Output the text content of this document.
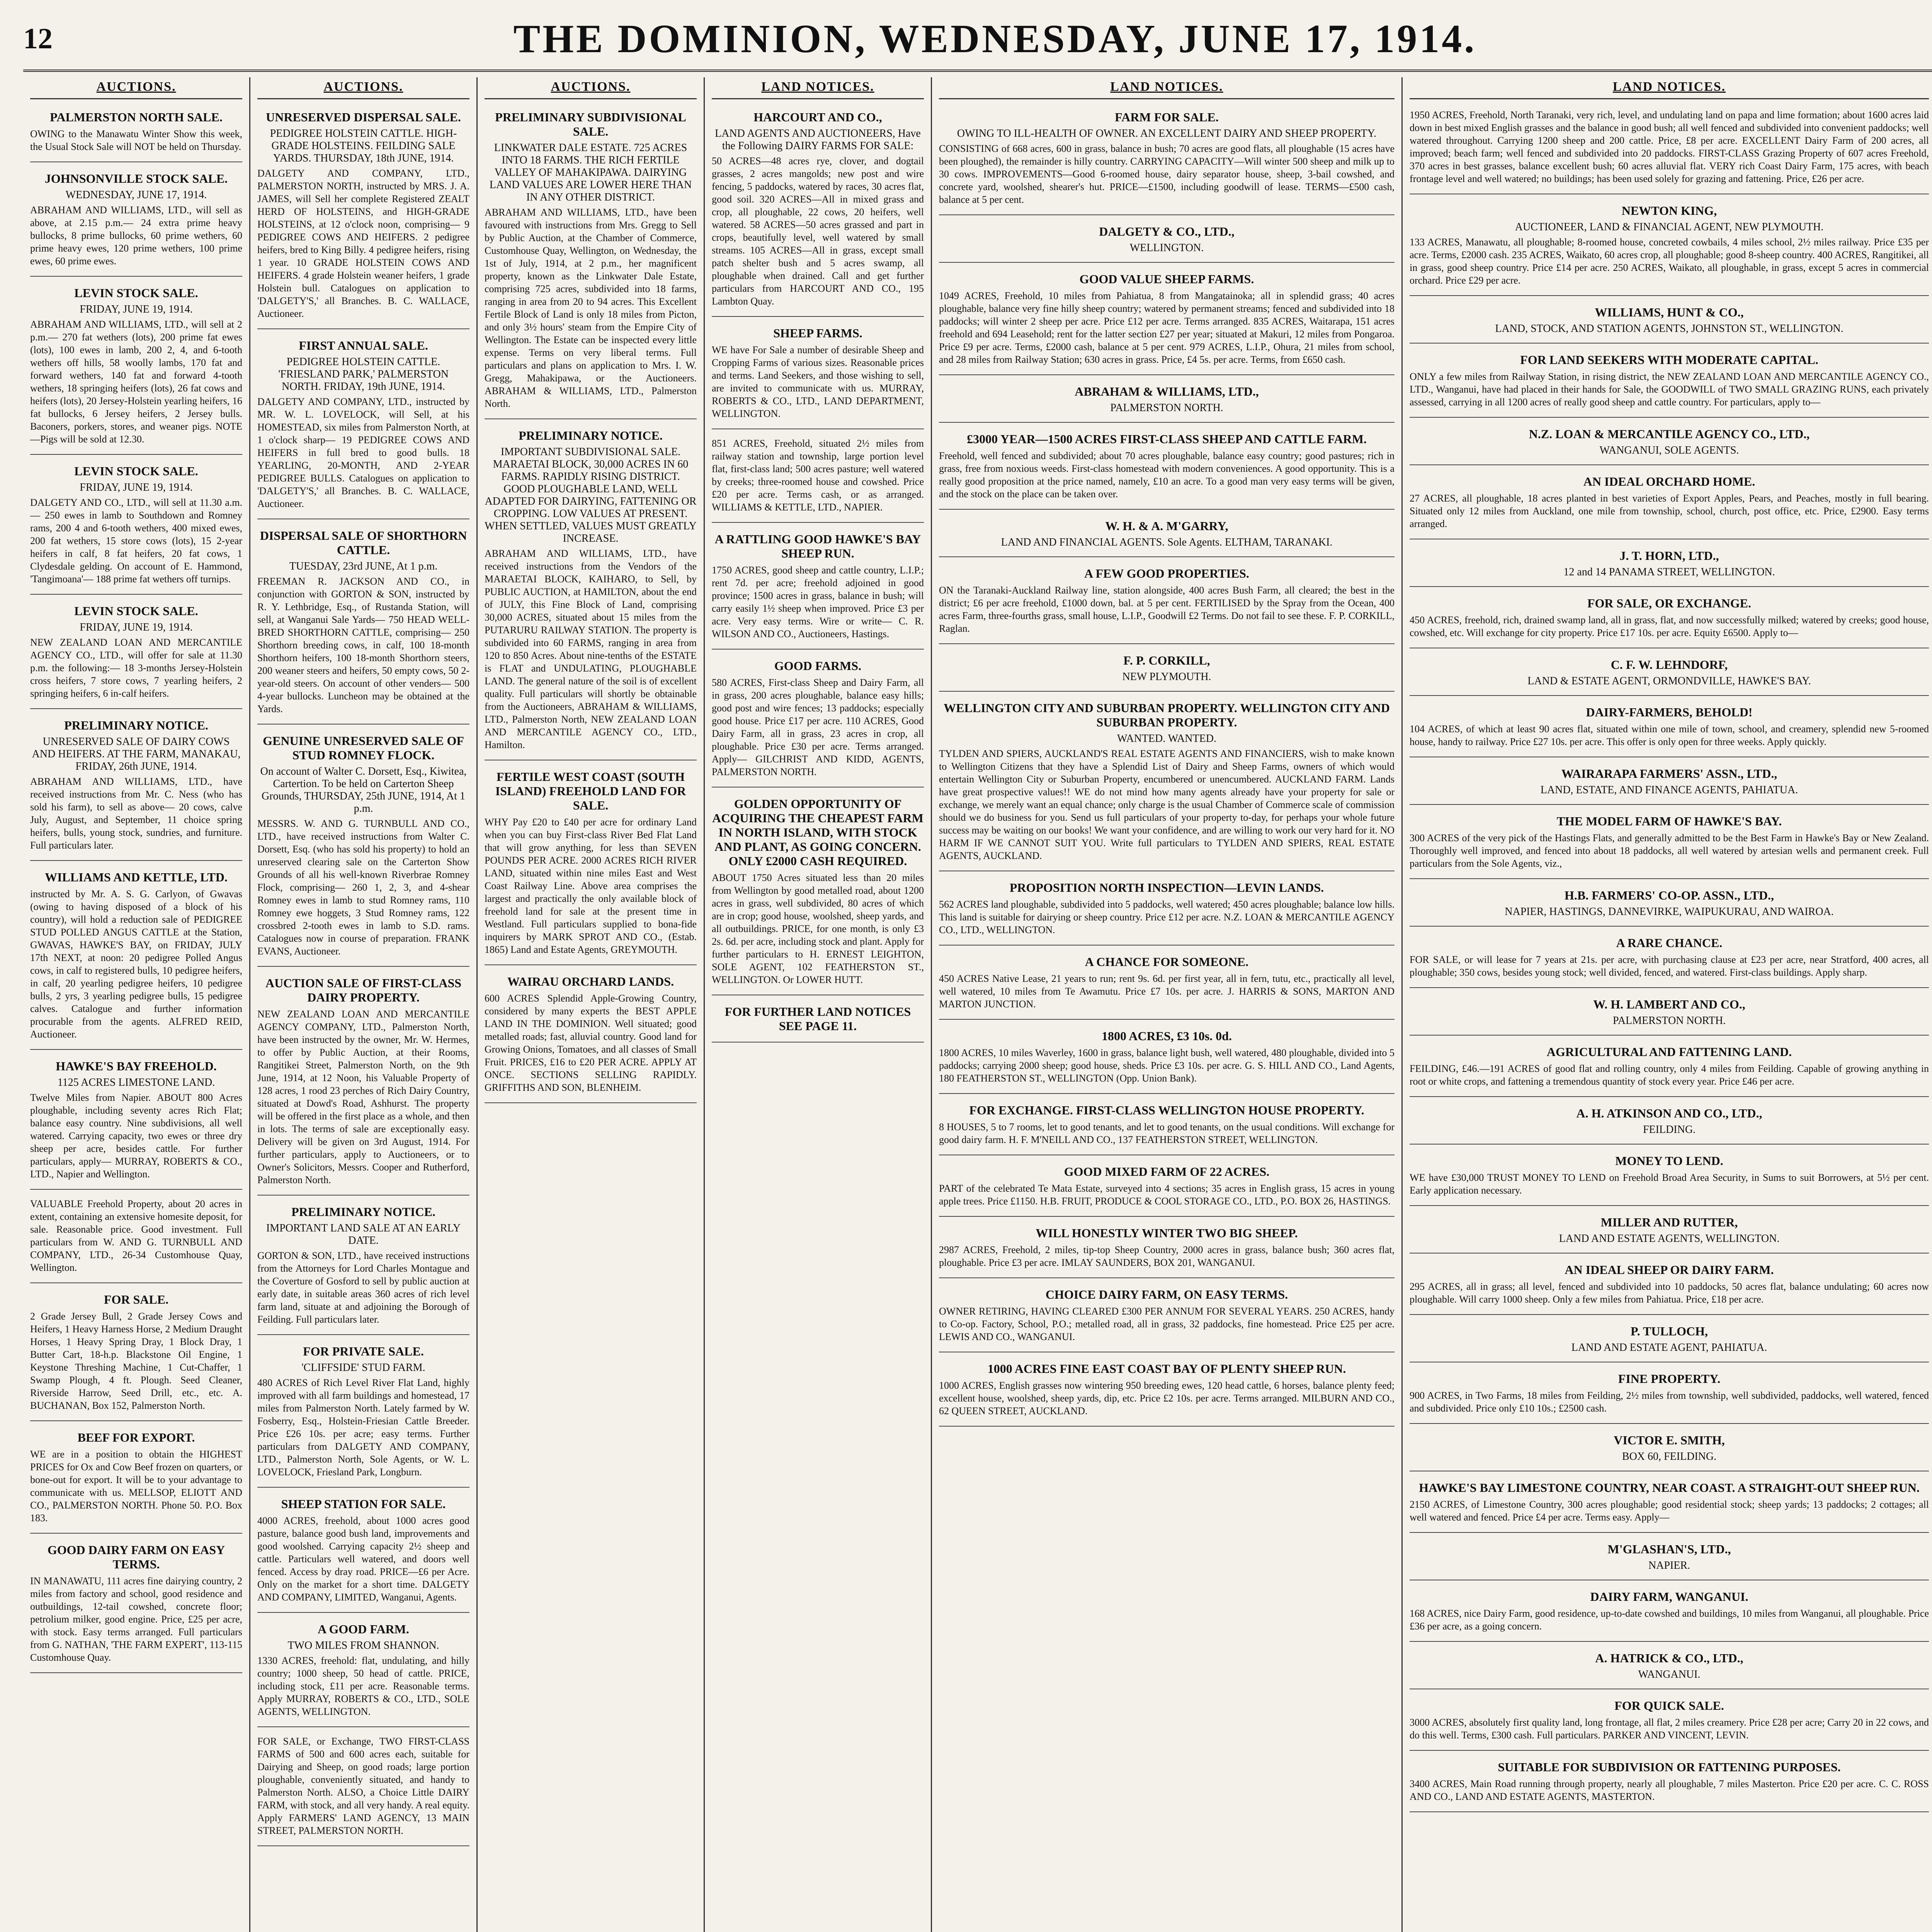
12	THE DOMINION, WEDNESDAY, JUNE 17, 1914.
AUCTIONS.
PALMERSTON NORTH SALE.

OWING to the Manawatu Winter Show this week, the Usual Stock Sale will NOT be held on Thursday.

JOHNSONVILLE STOCK SALE.
WEDNESDAY, JUNE 17, 1914.

ABRAHAM AND WILLIAMS, LTD., will sell as above, at 2.15 p.m.— 24 extra prime heavy bullocks, 8 prime bullocks, 60 prime wethers, 60 prime heavy ewes, 120 prime wethers, 100 prime ewes, 60 prime ewes.

LEVIN STOCK SALE.
FRIDAY, JUNE 19, 1914.

ABRAHAM AND WILLIAMS, LTD., will sell at 2 p.m.— 270 fat wethers (lots), 200 prime fat ewes (lots), 100 ewes in lamb, 200 2, 4, and 6-tooth wethers off hills, 58 woolly lambs, 170 fat and forward wethers, 140 fat and forward 4-tooth wethers, 18 springing heifers (lots), 26 fat cows and heifers (lots), 20 Jersey-Holstein yearling heifers, 16 fat bullocks, 6 Jersey heifers, 2 Jersey bulls. Baconers, porkers, stores, and weaner pigs. NOTE—Pigs will be sold at 12.30.

LEVIN STOCK SALE.
FRIDAY, JUNE 19, 1914.

DALGETY AND CO., LTD., will sell at 11.30 a.m.— 250 ewes in lamb to Southdown and Romney rams, 200 4 and 6-tooth wethers, 400 mixed ewes, 200 fat wethers, 15 store cows (lots), 15 2-year heifers in calf, 8 fat heifers, 20 fat cows, 1 Clydesdale gelding. On account of E. Hammond, 'Tangimoana'— 188 prime fat wethers off turnips.

LEVIN STOCK SALE.
FRIDAY, JUNE 19, 1914.

NEW ZEALAND LOAN AND MERCANTILE AGENCY CO., LTD., will offer for sale at 11.30 p.m. the following:— 18 3-months Jersey-Holstein cross heifers, 7 store cows, 7 yearling heifers, 2 springing heifers, 6 in-calf heifers.

PRELIMINARY NOTICE.
UNRESERVED SALE OF DAIRY COWS AND HEIFERS. AT THE FARM, MANAKAU, FRIDAY, 26th JUNE, 1914.

ABRAHAM AND WILLIAMS, LTD., have received instructions from Mr. C. Ness (who has sold his farm), to sell as above— 20 cows, calve July, August, and September, 11 choice spring heifers, bulls, young stock, sundries, and furniture. Full particulars later.

WILLIAMS AND KETTLE, LTD.

instructed by Mr. A. S. G. Carlyon, of Gwavas (owing to having disposed of a block of his country), will hold a reduction sale of PEDIGREE STUD POLLED ANGUS CATTLE at the Station, GWAVAS, HAWKE'S BAY, on FRIDAY, JULY 17th NEXT, at noon: 20 pedigree Polled Angus cows, in calf to registered bulls, 10 pedigree heifers, in calf, 20 yearling pedigree heifers, 10 pedigree bulls, 2 yrs, 3 yearling pedigree bulls, 15 pedigree calves. Catalogue and further information procurable from the agents. ALFRED REID, Auctioneer.

HAWKE'S BAY FREEHOLD.
1125 ACRES LIMESTONE LAND.

Twelve Miles from Napier. ABOUT 800 Acres ploughable, including seventy acres Rich Flat; balance easy country. Nine subdivisions, all well watered. Carrying capacity, two ewes or three dry sheep per acre, besides cattle. For further particulars, apply— MURRAY, ROBERTS & CO., LTD., Napier and Wellington.

VALUABLE Freehold Property, about 20 acres in extent, containing an extensive homesite deposit, for sale. Reasonable price. Good investment. Full particulars from W. AND G. TURNBULL AND COMPANY, LTD., 26-34 Customhouse Quay, Wellington.

FOR SALE.

2 Grade Jersey Bull, 2 Grade Jersey Cows and Heifers, 1 Heavy Harness Horse, 2 Medium Draught Horses, 1 Heavy Spring Dray, 1 Block Dray, 1 Butter Cart, 18-h.p. Blackstone Oil Engine, 1 Keystone Threshing Machine, 1 Cut-Chaffer, 1 Swamp Plough, 4 ft. Plough. Seed Cleaner, Riverside Harrow, Seed Drill, etc., etc. A. BUCHANAN, Box 152, Palmerston North.

BEEF FOR EXPORT.

WE are in a position to obtain the HIGHEST PRICES for Ox and Cow Beef frozen on quarters, or bone-out for export. It will be to your advantage to communicate with us. MELLSOP, ELIOTT AND CO., PALMERSTON NORTH. Phone 50. P.O. Box 183.

GOOD DAIRY FARM ON EASY TERMS.

IN MANAWATU, 111 acres fine dairying country, 2 miles from factory and school, good residence and outbuildings, 12-tail cowshed, concrete floor; petrolium milker, good engine. Price, £25 per acre, with stock. Easy terms arranged. Full particulars from G. NATHAN, 'THE FARM EXPERT', 113-115 Customhouse Quay.

AUCTIONS.
UNRESERVED DISPERSAL SALE.
PEDIGREE HOLSTEIN CATTLE. HIGH-GRADE HOLSTEINS. FEILDING SALE YARDS. THURSDAY, 18th JUNE, 1914.

DALGETY AND COMPANY, LTD., PALMERSTON NORTH, instructed by MRS. J. A. JAMES, will Sell her complete Registered ZEALT HERD OF HOLSTEINS, and HIGH-GRADE HOLSTEINS, at 12 o'clock noon, comprising— 9 PEDIGREE COWS AND HEIFERS. 2 pedigree heifers, bred to King Billy. 4 pedigree heifers, rising 1 year. 10 GRADE HOLSTEIN COWS AND HEIFERS. 4 grade Holstein weaner heifers, 1 grade Holstein bull. Catalogues on application to 'DALGETY'S,' all Branches. B. C. WALLACE, Auctioneer.

FIRST ANNUAL SALE.
PEDIGREE HOLSTEIN CATTLE. 'FRIESLAND PARK,' PALMERSTON NORTH. FRIDAY, 19th JUNE, 1914.

DALGETY AND COMPANY, LTD., instructed by MR. W. L. LOVELOCK, will Sell, at his HOMESTEAD, six miles from Palmerston North, at 1 o'clock sharp— 19 PEDIGREE COWS AND HEIFERS in full bred to good bulls. 18 YEARLING, 20-MONTH, AND 2-YEAR PEDIGREE BULLS. Catalogues on application to 'DALGETY'S,' all Branches. B. C. WALLACE, Auctioneer.

DISPERSAL SALE OF SHORTHORN CATTLE.
TUESDAY, 23rd JUNE, At 1 p.m.

FREEMAN R. JACKSON AND CO., in conjunction with GORTON & SON, instructed by R. Y. Lethbridge, Esq., of Rustanda Station, will sell, at Wanganui Sale Yards— 750 HEAD WELL-BRED SHORTHORN CATTLE, comprising— 250 Shorthorn breeding cows, in calf, 100 18-month Shorthorn heifers, 100 18-month Shorthorn steers, 200 weaner steers and heifers, 50 empty cows, 50 2-year-old steers. On account of other venders— 500 4-year bullocks. Luncheon may be obtained at the Yards.

GENUINE UNRESERVED SALE OF STUD ROMNEY FLOCK.
On account of Walter C. Dorsett, Esq., Kiwitea, Cartertion. To be held on Carterton Sheep Grounds, THURSDAY, 25th JUNE, 1914, At 1 p.m.

MESSRS. W. AND G. TURNBULL AND CO., LTD., have received instructions from Walter C. Dorsett, Esq. (who has sold his property) to hold an unreserved clearing sale on the Carterton Show Grounds of all his well-known Riverbrae Romney Flock, comprising— 260 1, 2, 3, and 4-shear Romney ewes in lamb to stud Romney rams, 110 Romney ewe hoggets, 3 Stud Romney rams, 122 crossbred 2-tooth ewes in lamb to S.D. rams. Catalogues now in course of preparation. FRANK EVANS, Auctioneer.

AUCTION SALE OF FIRST-CLASS DAIRY PROPERTY.

NEW ZEALAND LOAN AND MERCANTILE AGENCY COMPANY, LTD., Palmerston North, have been instructed by the owner, Mr. W. Hermes, to offer by Public Auction, at their Rooms, Rangitikei Street, Palmerston North, on the 9th June, 1914, at 12 Noon, his Valuable Property of 128 acres, 1 rood 23 perches of Rich Dairy Country, situated at Dowd's Road, Ashhurst. The property will be offered in the first place as a whole, and then in lots. The terms of sale are exceptionally easy. Delivery will be given on 3rd August, 1914. For further particulars, apply to Auctioneers, or to Owner's Solicitors, Messrs. Cooper and Rutherford, Palmerston North.

PRELIMINARY NOTICE.
IMPORTANT LAND SALE AT AN EARLY DATE.

GORTON & SON, LTD., have received instructions from the Attorneys for Lord Charles Montague and the Coverture of Gosford to sell by public auction at early date, in suitable areas 360 acres of rich level farm land, situate at and adjoining the Borough of Feilding. Full particulars later.

FOR PRIVATE SALE.
'CLIFFSIDE' STUD FARM.

480 ACRES of Rich Level River Flat Land, highly improved with all farm buildings and homestead, 17 miles from Palmerston North. Lately farmed by W. Fosberry, Esq., Holstein-Friesian Cattle Breeder. Price £26 10s. per acre; easy terms. Further particulars from DALGETY AND COMPANY, LTD., Palmerston North, Sole Agents, or W. L. LOVELOCK, Friesland Park, Longburn.

SHEEP STATION FOR SALE.

4000 ACRES, freehold, about 1000 acres good pasture, balance good bush land, improvements and good woolshed. Carrying capacity 2½ sheep and cattle. Particulars well watered, and doors well fenced. Access by dray road. PRICE—£6 per Acre. Only on the market for a short time. DALGETY AND COMPANY, LIMITED, Wanganui, Agents.

A GOOD FARM.
TWO MILES FROM SHANNON.

1330 ACRES, freehold: flat, undulating, and hilly country; 1000 sheep, 50 head of cattle. PRICE, including stock, £11 per acre. Reasonable terms. Apply MURRAY, ROBERTS & CO., LTD., SOLE AGENTS, WELLINGTON.

FOR SALE, or Exchange, TWO FIRST-CLASS FARMS of 500 and 600 acres each, suitable for Dairying and Sheep, on good roads; large portion ploughable, conveniently situated, and handy to Palmerston North. ALSO, a Choice Little DAIRY FARM, with stock, and all very handy. A real equity. Apply FARMERS' LAND AGENCY, 13 MAIN STREET, PALMERSTON NORTH.

AUCTIONS.
PRELIMINARY SUBDIVISIONAL SALE.
LINKWATER DALE ESTATE. 725 ACRES INTO 18 FARMS. THE RICH FERTILE VALLEY OF MAHAKIPAWA. DAIRYING LAND VALUES ARE LOWER HERE THAN IN ANY OTHER DISTRICT.

ABRAHAM AND WILLIAMS, LTD., have been favoured with instructions from Mrs. Gregg to Sell by Public Auction, at the Chamber of Commerce, Customhouse Quay, Wellington, on Wednesday, the 1st of July, 1914, at 2 p.m., her magnificent property, known as the Linkwater Dale Estate, comprising 725 acres, subdivided into 18 farms, ranging in area from 20 to 94 acres. This Excellent Fertile Block of Land is only 18 miles from Picton, and only 3½ hours' steam from the Empire City of Wellington. The Estate can be inspected every little expense. Terms on very liberal terms. Full particulars and plans on application to Mrs. I. W. Gregg, Mahakipawa, or the Auctioneers. ABRAHAM & WILLIAMS, LTD., Palmerston North.

PRELIMINARY NOTICE.
IMPORTANT SUBDIVISIONAL SALE. MARAETAI BLOCK, 30,000 ACRES IN 60 FARMS. RAPIDLY RISING DISTRICT. GOOD PLOUGHABLE LAND, WELL ADAPTED FOR DAIRYING, FATTENING OR CROPPING. LOW VALUES AT PRESENT. WHEN SETTLED, VALUES MUST GREATLY INCREASE.

ABRAHAM AND WILLIAMS, LTD., have received instructions from the Vendors of the MARAETAI BLOCK, KAIHARO, to Sell, by PUBLIC AUCTION, at HAMILTON, about the end of JULY, this Fine Block of Land, comprising 30,000 ACRES, situated about 15 miles from the PUTARURU RAILWAY STATION. The property is subdivided into 60 FARMS, ranging in area from 120 to 850 Acres. About nine-tenths of the ESTATE is FLAT and UNDULATING, PLOUGHABLE LAND. The general nature of the soil is of excellent quality. Full particulars will shortly be obtainable from the Auctioneers, ABRAHAM & WILLIAMS, LTD., Palmerston North, NEW ZEALAND LOAN AND MERCANTILE AGENCY CO., LTD., Hamilton.

FERTILE WEST COAST (SOUTH ISLAND) FREEHOLD LAND FOR SALE.

WHY Pay £20 to £40 per acre for ordinary Land when you can buy First-class River Bed Flat Land that will grow anything, for less than SEVEN POUNDS PER ACRE. 2000 ACRES RICH RIVER LAND, situated within nine miles East and West Coast Railway Line. Above area comprises the largest and practically the only available block of freehold land for sale at the present time in Westland. Full particulars supplied to bona-fide inquirers by MARK SPROT AND CO., (Estab. 1865) Land and Estate Agents, GREYMOUTH.

WAIRAU ORCHARD LANDS.

600 ACRES Splendid Apple-Growing Country, considered by many experts the BEST APPLE LAND IN THE DOMINION. Well situated; good metalled roads; fast, alluvial country. Good land for Growing Onions, Tomatoes, and all classes of Small Fruit. PRICES, £16 to £20 PER ACRE. APPLY AT ONCE. SECTIONS SELLING RAPIDLY. GRIFFITHS AND SON, BLENHEIM.

LAND NOTICES.
HARCOURT AND CO.,
LAND AGENTS AND AUCTIONEERS, Have the Following DAIRY FARMS FOR SALE:

50 ACRES—48 acres rye, clover, and dogtail grasses, 2 acres mangolds; new post and wire fencing, 5 paddocks, watered by races, 30 acres flat, good soil. 320 ACRES—All in mixed grass and crop, all ploughable, 22 cows, 20 heifers, well watered. 58 ACRES—50 acres grassed and part in crops, beautifully level, well watered by small streams. 105 ACRES—All in grass, except small patch shelter bush and 5 acres swamp, all ploughable when drained. Call and get further particulars from HARCOURT AND CO., 195 Lambton Quay.

SHEEP FARMS.

WE have For Sale a number of desirable Sheep and Cropping Farms of various sizes. Reasonable prices and terms. Land Seekers, and those wishing to sell, are invited to communicate with us. MURRAY, ROBERTS & CO., LTD., LAND DEPARTMENT, WELLINGTON.

851 ACRES, Freehold, situated 2½ miles from railway station and township, large portion level flat, first-class land; 500 acres pasture; well watered by creeks; three-roomed house and cowshed. Price £20 per acre. Terms cash, or as arranged. WILLIAMS & KETTLE, LTD., NAPIER.

A RATTLING GOOD HAWKE'S BAY SHEEP RUN.

1750 ACRES, good sheep and cattle country, L.I.P.; rent 7d. per acre; freehold adjoined in good province; 1500 acres in grass, balance in bush; will carry easily 1½ sheep when improved. Price £3 per acre. Very easy terms. Wire or write— C. R. WILSON AND CO., Auctioneers, Hastings.

GOOD FARMS.

580 ACRES, First-class Sheep and Dairy Farm, all in grass, 200 acres ploughable, balance easy hills; good post and wire fences; 13 paddocks; especially good house. Price £17 per acre. 110 ACRES, Good Dairy Farm, all in grass, 23 acres in crop, all ploughable. Price £30 per acre. Terms arranged. Apply— GILCHRIST AND KIDD, AGENTS, PALMERSTON NORTH.

GOLDEN OPPORTUNITY OF ACQUIRING THE CHEAPEST FARM IN NORTH ISLAND, WITH STOCK AND PLANT, AS GOING CONCERN. ONLY £2000 CASH REQUIRED.

ABOUT 1750 Acres situated less than 20 miles from Wellington by good metalled road, about 1200 acres in grass, well subdivided, 80 acres of which are in crop; good house, woolshed, sheep yards, and all outbuildings. PRICE, for one month, is only £3 2s. 6d. per acre, including stock and plant. Apply for further particulars to H. ERNEST LEIGHTON, SOLE AGENT, 102 FEATHERSTON ST., WELLINGTON. Or LOWER HUTT.

FOR FURTHER LAND NOTICES SEE PAGE 11.
LAND NOTICES.
FARM FOR SALE.
OWING TO ILL-HEALTH OF OWNER. AN EXCELLENT DAIRY AND SHEEP PROPERTY.

CONSISTING of 668 acres, 600 in grass, balance in bush; 70 acres are good flats, all ploughable (15 acres have been ploughed), the remainder is hilly country. CARRYING CAPACITY—Will winter 500 sheep and milk up to 30 cows. IMPROVEMENTS—Good 6-roomed house, dairy separator house, sheep, 3-bail cowshed, and concrete yard, woolshed, shearer's hut. PRICE—£1500, including goodwill of lease. TERMS—£500 cash, balance at 5 per cent.

DALGETY & CO., LTD.,
WELLINGTON.
GOOD VALUE SHEEP FARMS.

1049 ACRES, Freehold, 10 miles from Pahiatua, 8 from Mangatainoka; all in splendid grass; 40 acres ploughable, balance very fine hilly sheep country; watered by permanent streams; fenced and subdivided into 18 paddocks; will winter 2 sheep per acre. Price £12 per acre. Terms arranged. 835 ACRES, Waitarapa, 151 acres freehold and 694 Leasehold; rent for the latter section £27 per year; situated at Makuri, 12 miles from Pongaroa. Price £9 per acre. Terms, £2000 cash, balance at 5 per cent. 979 ACRES, L.I.P., Ohura, 21 miles from school, and 28 miles from Railway Station; 630 acres in grass. Price, £4 5s. per acre. Terms, from £650 cash.

ABRAHAM & WILLIAMS, LTD.,
PALMERSTON NORTH.
£3000 YEAR—1500 ACRES FIRST-CLASS SHEEP AND CATTLE FARM.

Freehold, well fenced and subdivided; about 70 acres ploughable, balance easy country; good pastures; rich in grass, free from noxious weeds. First-class homestead with modern conveniences. A good opportunity. This is a really good proposition at the price named, namely, £10 an acre. To a good man very easy terms will be given, and the stock on the place can be taken over.

W. H. & A. M'GARRY,
LAND AND FINANCIAL AGENTS. Sole Agents. ELTHAM, TARANAKI.
A FEW GOOD PROPERTIES.

ON the Taranaki-Auckland Railway line, station alongside, 400 acres Bush Farm, all cleared; the best in the district; £6 per acre freehold, £1000 down, bal. at 5 per cent. FERTILISED by the Spray from the Ocean, 400 acres Farm, three-fourths grass, small house, L.I.P., Goodwill £2 Terms. Do not fail to see these. F. P. CORKILL, Raglan.

F. P. CORKILL,
NEW PLYMOUTH.
WELLINGTON CITY AND SUBURBAN PROPERTY. WELLINGTON CITY AND SUBURBAN PROPERTY.
WANTED. WANTED.

TYLDEN AND SPIERS, AUCKLAND'S REAL ESTATE AGENTS AND FINANCIERS, wish to make known to Wellington Citizens that they have a Splendid List of Dairy and Sheep Farms, owners of which would entertain Wellington City or Suburban Property, encumbered or unencumbered. AUCKLAND FARM. Lands have great prospective values!! WE do not mind how many agents already have your property for sale or exchange, we merely want an equal chance; only charge is the usual Chamber of Commerce scale of commission should we do business for you. Send us full particulars of your property to-day, for perhaps your whole future success may be waiting on our books! We want your confidence, and are willing to work our very hard for it. NO HARM IF WE CANNOT SUIT YOU. Write full particulars to TYLDEN AND SPIERS, REAL ESTATE AGENTS, AUCKLAND.

PROPOSITION NORTH INSPECTION—LEVIN LANDS.

562 ACRES land ploughable, subdivided into 5 paddocks, well watered; 450 acres ploughable; balance low hills. This land is suitable for dairying or sheep country. Price £12 per acre. N.Z. LOAN & MERCANTILE AGENCY CO., LTD., WELLINGTON.

A CHANCE FOR SOMEONE.

450 ACRES Native Lease, 21 years to run; rent 9s. 6d. per first year, all in fern, tutu, etc., practically all level, well watered, 10 miles from Te Awamutu. Price £7 10s. per acre. J. HARRIS & SONS, MARTON AND MARTON JUNCTION.

1800 ACRES, £3 10s. 0d.

1800 ACRES, 10 miles Waverley, 1600 in grass, balance light bush, well watered, 480 ploughable, divided into 5 paddocks; carrying 2000 sheep; good house, sheds. Price £3 10s. per acre. G. S. HILL AND CO., Land Agents, 180 FEATHERSTON ST., WELLINGTON (Opp. Union Bank).

FOR EXCHANGE. FIRST-CLASS WELLINGTON HOUSE PROPERTY.

8 HOUSES, 5 to 7 rooms, let to good tenants, and let to good tenants, on the usual conditions. Will exchange for good dairy farm. H. F. M'NEILL AND CO., 137 FEATHERSTON STREET, WELLINGTON.

GOOD MIXED FARM OF 22 ACRES.

PART of the celebrated Te Mata Estate, surveyed into 4 sections; 35 acres in English grass, 15 acres in young apple trees. Price £1150. H.B. FRUIT, PRODUCE & COOL STORAGE CO., LTD., P.O. BOX 26, HASTINGS.

WILL HONESTLY WINTER TWO BIG SHEEP.

2987 ACRES, Freehold, 2 miles, tip-top Sheep Country, 2000 acres in grass, balance bush; 360 acres flat, ploughable. Price £3 per acre. IMLAY SAUNDERS, BOX 201, WANGANUI.

CHOICE DAIRY FARM, ON EASY TERMS.

OWNER RETIRING, HAVING CLEARED £300 PER ANNUM FOR SEVERAL YEARS. 250 ACRES, handy to Co-op. Factory, School, P.O.; metalled road, all in grass, 32 paddocks, fine homestead. Price £25 per acre. LEWIS AND CO., WANGANUI.

1000 ACRES FINE EAST COAST BAY OF PLENTY SHEEP RUN.

1000 ACRES, English grasses now wintering 950 breeding ewes, 120 head cattle, 6 horses, balance plenty feed; excellent house, woolshed, sheep yards, dip, etc. Price £2 10s. per acre. Terms arranged. MILBURN AND CO., 62 QUEEN STREET, AUCKLAND.

LAND NOTICES.

1950 ACRES, Freehold, North Taranaki, very rich, level, and undulating land on papa and lime formation; about 1600 acres laid down in best mixed English grasses and the balance in good bush; all well fenced and subdivided into convenient paddocks; well watered throughout. Carrying 1200 sheep and 200 cattle. Price, £8 per acre. EXCELLENT Dairy Farm of 200 acres, all improved; beach farm; well fenced and subdivided into 20 paddocks. FIRST-CLASS Grazing Property of 607 acres Freehold, 370 acres in best grasses, balance excellent bush; 60 acres alluvial flat. VERY rich Coast Dairy Farm, 175 acres, with beach frontage level and well watered; no buildings; has been used solely for grazing and fattening. Price, £26 per acre.

NEWTON KING,
AUCTIONEER, LAND & FINANCIAL AGENT, NEW PLYMOUTH.

133 ACRES, Manawatu, all ploughable; 8-roomed house, concreted cowbails, 4 miles school, 2½ miles railway. Price £35 per acre. Terms, £2000 cash. 235 ACRES, Waikato, 60 acres crop, all ploughable; good 8-sheep country. 400 ACRES, Rangitikei, all in grass, good sheep country. Price £14 per acre. 250 ACRES, Waikato, all ploughable, in grass, except 5 acres in commercial orchard. Price £29 per acre.

WILLIAMS, HUNT & CO.,
LAND, STOCK, AND STATION AGENTS, JOHNSTON ST., WELLINGTON.
FOR LAND SEEKERS WITH MODERATE CAPITAL.

ONLY a few miles from Railway Station, in rising district, the NEW ZEALAND LOAN AND MERCANTILE AGENCY CO., LTD., Wanganui, have had placed in their hands for Sale, the GOODWILL of TWO SMALL GRAZING RUNS, each privately assessed, carrying in all 1200 acres of really good sheep and cattle country. For particulars, apply to—

N.Z. LOAN & MERCANTILE AGENCY CO., LTD.,
WANGANUI, SOLE AGENTS.
AN IDEAL ORCHARD HOME.

27 ACRES, all ploughable, 18 acres planted in best varieties of Export Apples, Pears, and Peaches, mostly in full bearing. Situated only 12 miles from Auckland, one mile from township, school, church, post office, etc. Price, £2900. Easy terms arranged.

J. T. HORN, LTD.,
12 and 14 PANAMA STREET, WELLINGTON.
FOR SALE, OR EXCHANGE.

450 ACRES, freehold, rich, drained swamp land, all in grass, flat, and now successfully milked; watered by creeks; good house, cowshed, etc. Will exchange for city property. Price £17 10s. per acre. Equity £6500. Apply to—

C. F. W. LEHNDORF,
LAND & ESTATE AGENT, ORMONDVILLE, HAWKE'S BAY.
DAIRY-FARMERS, BEHOLD!

104 ACRES, of which at least 90 acres flat, situated within one mile of town, school, and creamery, splendid new 5-roomed house, handy to railway. Price £27 10s. per acre. This offer is only open for three weeks. Apply quickly.

WAIRARAPA FARMERS' ASSN., LTD.,
LAND, ESTATE, AND FINANCE AGENTS, PAHIATUA.
THE MODEL FARM OF HAWKE'S BAY.

300 ACRES of the very pick of the Hastings Flats, and generally admitted to be the Best Farm in Hawke's Bay or New Zealand. Thoroughly well improved, and fenced into about 18 paddocks, all well watered by artesian wells and permanent creek. Full particulars from the Sole Agents, viz.,

H.B. FARMERS' CO-OP. ASSN., LTD.,
NAPIER, HASTINGS, DANNEVIRKE, WAIPUKURAU, AND WAIROA.
A RARE CHANCE.

FOR SALE, or will lease for 7 years at 21s. per acre, with purchasing clause at £23 per acre, near Stratford, 400 acres, all ploughable; 350 cows, besides young stock; well divided, fenced, and watered. First-class buildings. Apply sharp.

W. H. LAMBERT AND CO.,
PALMERSTON NORTH.
AGRICULTURAL AND FATTENING LAND.

FEILDING, £46.—191 ACRES of good flat and rolling country, only 4 miles from Feilding. Capable of growing anything in root or white crops, and fattening a tremendous quantity of stock every year. Price £46 per acre.

A. H. ATKINSON AND CO., LTD.,
FEILDING.
MONEY TO LEND.

WE have £30,000 TRUST MONEY TO LEND on Freehold Broad Area Security, in Sums to suit Borrowers, at 5½ per cent. Early application necessary.

MILLER AND RUTTER,
LAND AND ESTATE AGENTS, WELLINGTON.
AN IDEAL SHEEP OR DAIRY FARM.

295 ACRES, all in grass; all level, fenced and subdivided into 10 paddocks, 50 acres flat, balance undulating; 60 acres now ploughable. Will carry 1000 sheep. Only a few miles from Pahiatua. Price, £18 per acre.

P. TULLOCH,
LAND AND ESTATE AGENT, PAHIATUA.
FINE PROPERTY.

900 ACRES, in Two Farms, 18 miles from Feilding, 2½ miles from township, well subdivided, paddocks, well watered, fenced and subdivided. Price only £10 10s.; £2500 cash.

VICTOR E. SMITH,
BOX 60, FEILDING.
HAWKE'S BAY LIMESTONE COUNTRY, NEAR COAST. A STRAIGHT-OUT SHEEP RUN.

2150 ACRES, of Limestone Country, 300 acres ploughable; good residential stock; sheep yards; 13 paddocks; 2 cottages; all well watered and fenced. Price £4 per acre. Terms easy. Apply—

M'GLASHAN'S, LTD.,
NAPIER.
DAIRY FARM, WANGANUI.

168 ACRES, nice Dairy Farm, good residence, up-to-date cowshed and buildings, 10 miles from Wanganui, all ploughable. Price £36 per acre, as a going concern.

A. HATRICK & CO., LTD.,
WANGANUI.
FOR QUICK SALE.

3000 ACRES, absolutely first quality land, long frontage, all flat, 2 miles creamery. Price £28 per acre; Carry 20 in 22 cows, and do this well. Terms, £300 cash. Full particulars. PARKER AND VINCENT, LEVIN.

SUITABLE FOR SUBDIVISION OR FATTENING PURPOSES.

3400 ACRES, Main Road running through property, nearly all ploughable, 7 miles Masterton. Price £20 per acre. C. C. ROSS AND CO., LAND AND ESTATE AGENTS, MASTERTON.
